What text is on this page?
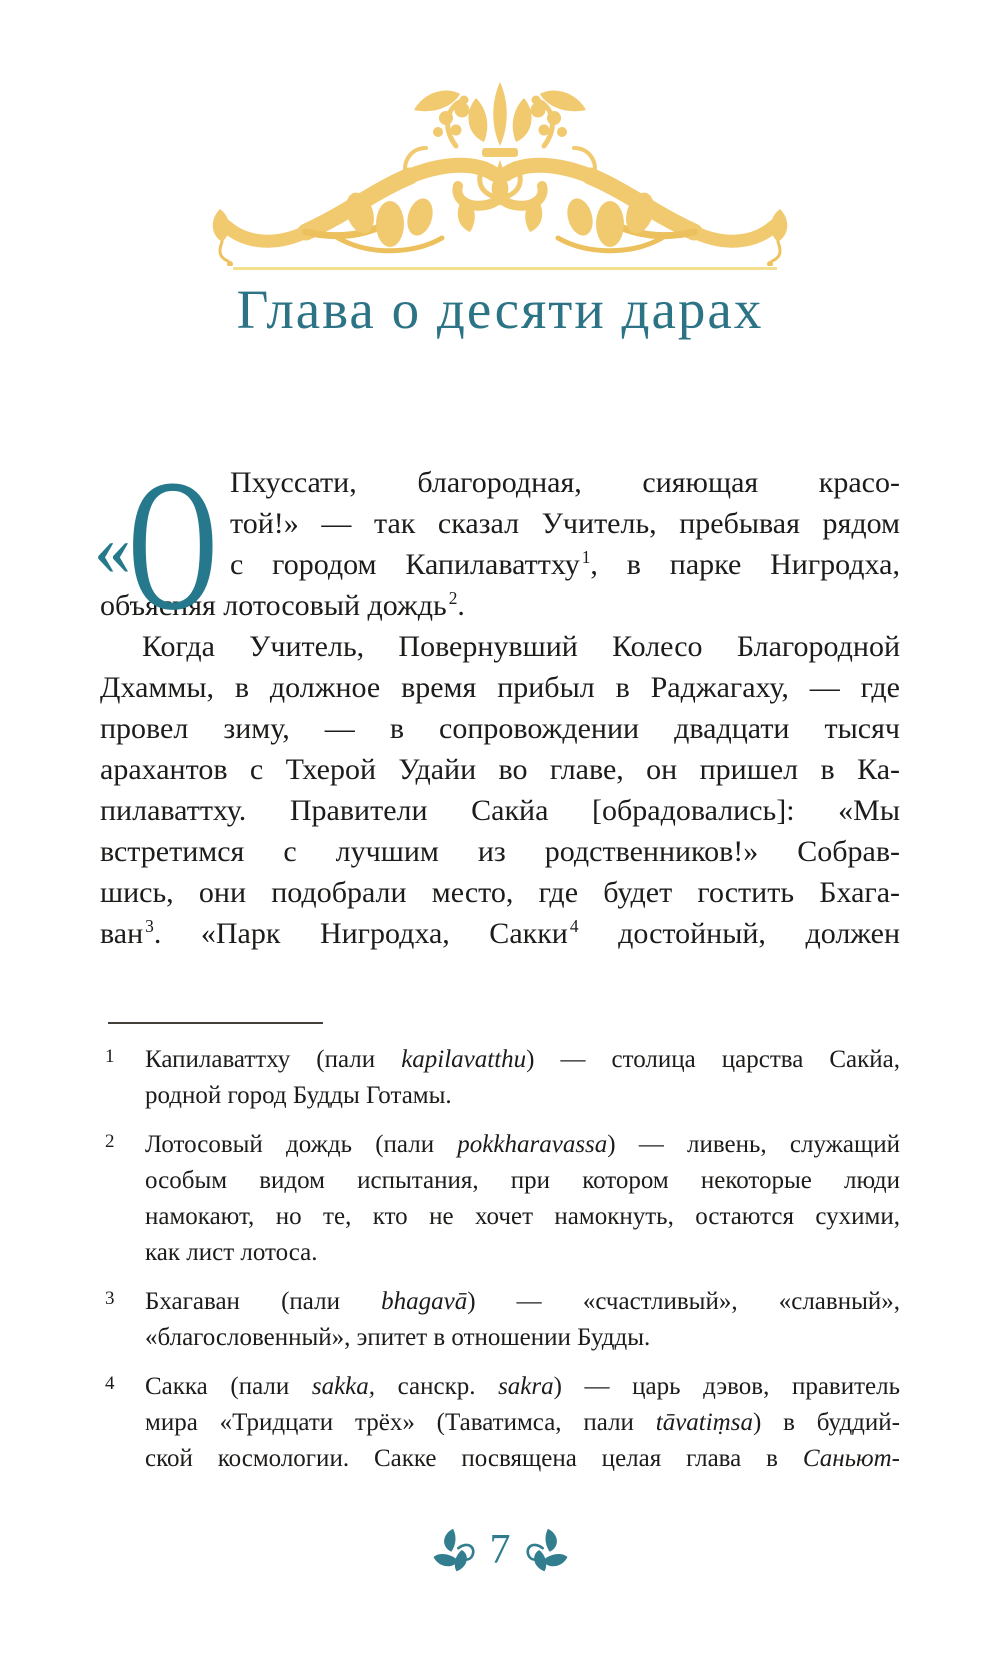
Глава о десяти дарах
«
О Пхуссати, благородная, сияющая красо-
той!» — так сказал Учитель, пребывая рядом
с городом Капилаваттху $^1$, в парке Нигродха,
объясняя лотосовый дождь $^2$.
Когда Учитель, Повернувший Колесо Благородной
Дхаммы, в должное время прибыл в Раджагаху, — где
провел зиму, — в сопровождении двадцати тысяч
арахантов с Тхерой Удайи во главе, он пришел в Ка-
пилаваттху. Правители Сакйа [обрадовались]: «Мы
встретимся с лучшим из родственников!» Собрав-
шись, они подобрали место, где будет гостить Бхага-
ван $^3$. «Парк Нигродха, Сакки $^4$ достойный, должен
1 Капилаваттху (пали kapilavatthu) — столица царства Сакйа,
родной город Будды Готамы.
2 Лотосовый дождь (пали pokkharavassa) — ливень, служащий
особым видом испытания, при котором некоторые люди
намокают, но те, кто не хочет намокнуть, остаются сухими,
как лист лотоса.
3 Бхагаван (пали bhagavā) — «счастливый», «славный»,
«благословенный», эпитет в отношении Будды.
4 Сакка (пали sakka, санскр. sakra) — царь дэвов, правитель
мира «Тридцати трёх» (Таватимса, пали tāvatiṃsa) в буддий-
ской космологии. Сакке посвящена целая глава в Саньют-
7
